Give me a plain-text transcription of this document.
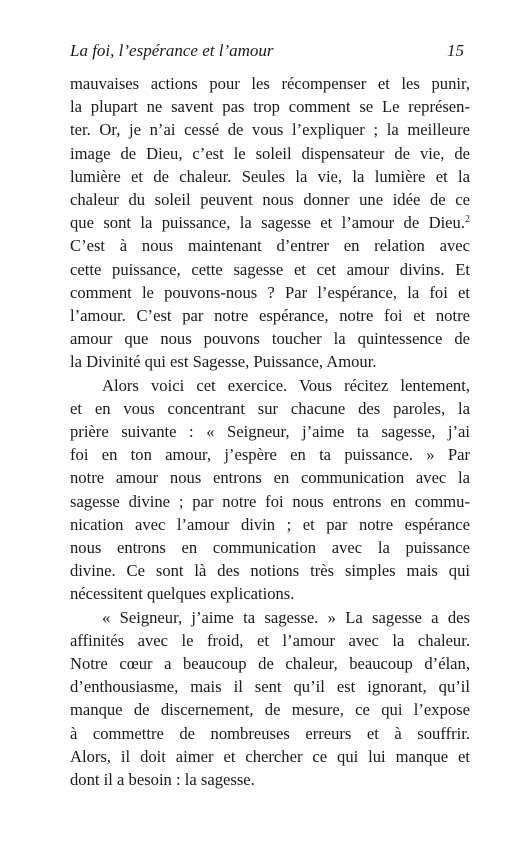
La foi, l’espérance et l’amour	15

mauvaises actions pour les récompenser et les punir,
la plupart ne savent pas trop comment se Le représen-
ter. Or, je n’ai cessé de vous l’expliquer ; la meilleure
image de Dieu, c’est le soleil dispensateur de vie, de
lumière et de chaleur. Seules la vie, la lumière et la
chaleur du soleil peuvent nous donner une idée de ce
que sont la puissance, la sagesse et l’amour de Dieu.$^2$
C’est à nous maintenant d’entrer en relation avec
cette puissance, cette sagesse et cet amour divins. Et
comment le pouvons-nous ? Par l’espérance, la foi et
l’amour. C’est par notre espérance, notre foi et notre
amour que nous pouvons toucher la quintessence de
la Divinité qui est Sagesse, Puissance, Amour.

Alors voici cet exercice. Vous récitez lentement,
et en vous concentrant sur chacune des paroles, la
prière suivante : « Seigneur, j’aime ta sagesse, j’ai
foi en ton amour, j’espère en ta puissance. » Par
notre amour nous entrons en communication avec la
sagesse divine ; par notre foi nous entrons en commu-
nication avec l’amour divin ; et par notre espérance
nous entrons en communication avec la puissance
divine. Ce sont là des notions très simples mais qui
nécessitent quelques explications.

« Seigneur, j’aime ta sagesse. » La sagesse a des
affinités avec le froid, et l’amour avec la chaleur.
Notre cœur a beaucoup de chaleur, beaucoup d’élan,
d’enthousiasme, mais il sent qu’il est ignorant, qu’il
manque de discernement, de mesure, ce qui l’expose
à commettre de nombreuses erreurs et à souffrir.
Alors, il doit aimer et chercher ce qui lui manque et
dont il a besoin : la sagesse.
